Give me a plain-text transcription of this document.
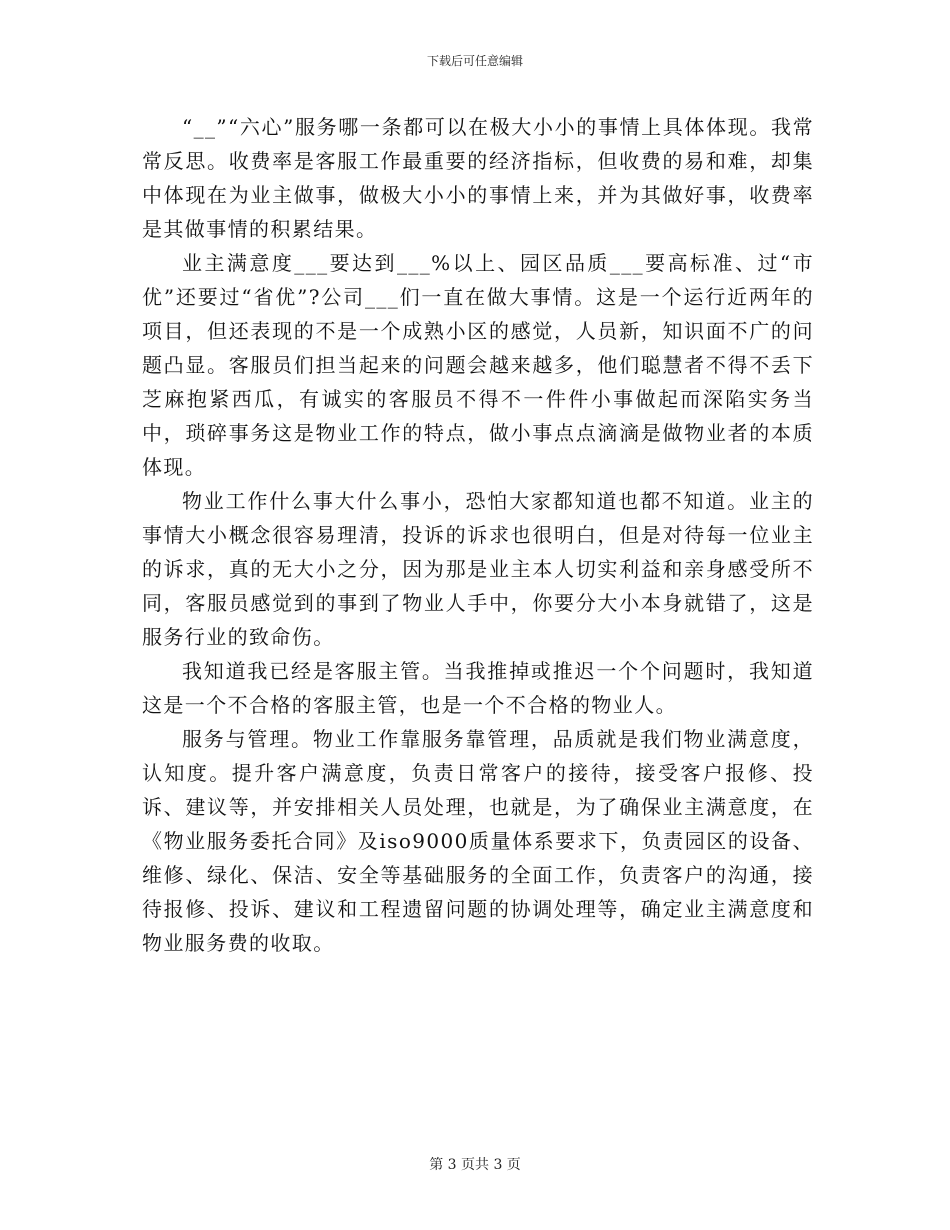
下载后可任意编辑

“__”“六心”服务哪一条都可以在极大小小的事情上具体体现。我常常反思。收费率是客服工作最重要的经济指标，但收费的易和难，却集中体现在为业主做事，做极大小小的事情上来，并为其做好事，收费率是其做事情的积累结果。

业主满意度___要达到___%以上、园区品质___要高标准、过“市优”还要过“省优”?公司___们一直在做大事情。这是一个运行近两年的项目，但还表现的不是一个成熟小区的感觉，人员新，知识面不广的问题凸显。客服员们担当起来的问题会越来越多，他们聪慧者不得不丢下芝麻抱紧西瓜，有诚实的客服员不得不一件件小事做起而深陷实务当中，琐碎事务这是物业工作的特点，做小事点点滴滴是做物业者的本质体现。

物业工作什么事大什么事小，恐怕大家都知道也都不知道。业主的事情大小概念很容易理清，投诉的诉求也很明白，但是对待每一位业主的诉求，真的无大小之分，因为那是业主本人切实利益和亲身感受所不同，客服员感觉到的事到了物业人手中，你要分大小本身就错了，这是服务行业的致命伤。

我知道我已经是客服主管。当我推掉或推迟一个个问题时，我知道这是一个不合格的客服主管，也是一个不合格的物业人。

服务与管理。物业工作靠服务靠管理，品质就是我们物业满意度，认知度。提升客户满意度，负责日常客户的接待，接受客户报修、投诉、建议等，并安排相关人员处理，也就是，为了确保业主满意度，在《物业服务委托合同》及iso9000质量体系要求下，负责园区的设备、维修、绿化、保洁、安全等基础服务的全面工作，负责客户的沟通，接待报修、投诉、建议和工程遗留问题的协调处理等，确定业主满意度和物业服务费的收取。

第 3 页共 3 页
